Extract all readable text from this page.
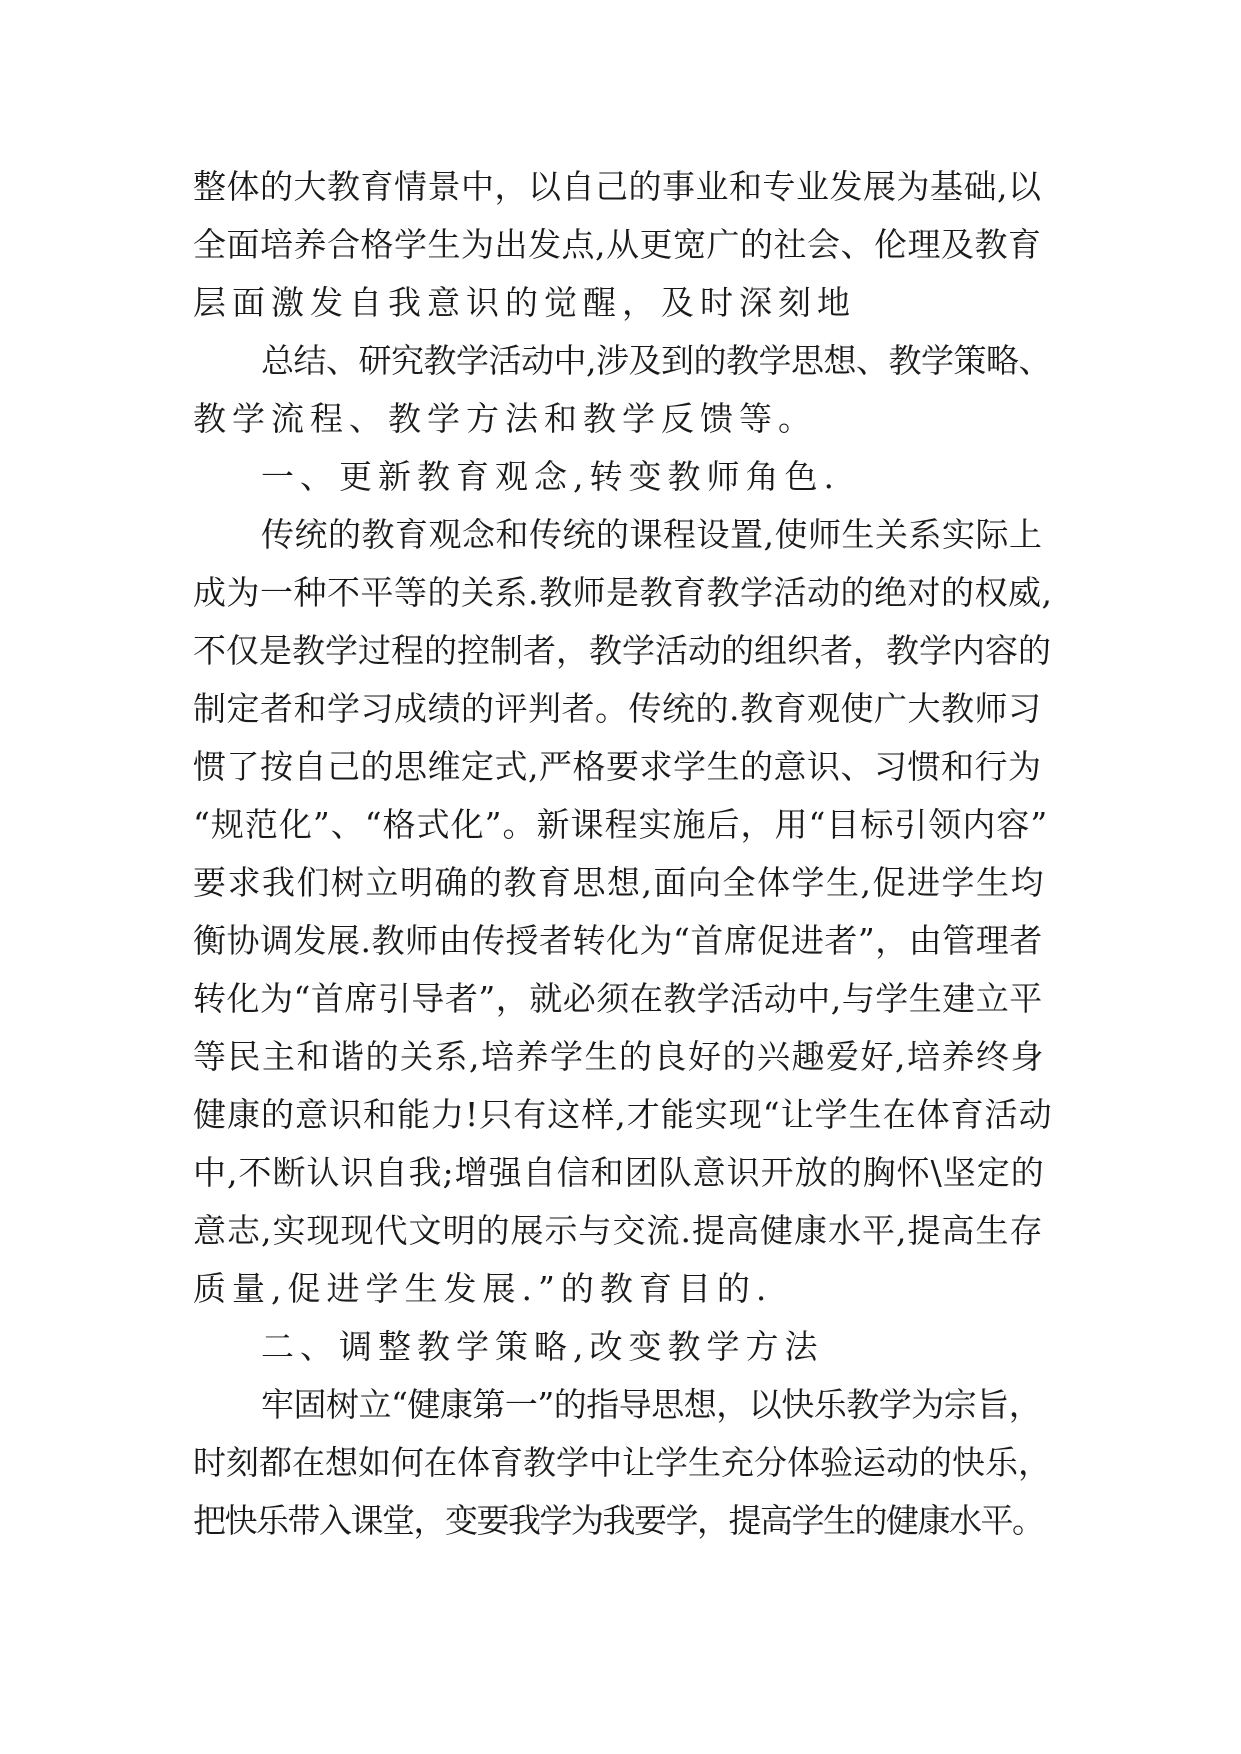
整体的大教育情景中，以自己的事业和专业发展为基础,以
全面培养合格学生为出发点,从更宽广的社会、伦理及教育
层面激发自我意识的觉醒，及时深刻地
总结、研究教学活动中,涉及到的教学思想、教学策略、
教学流程、教学方法和教学反馈等。
一、更新教育观念,转变教师角色.
传统的教育观念和传统的课程设置,使师生关系实际上
成为一种不平等的关系.教师是教育教学活动的绝对的权威,
不仅是教学过程的控制者，教学活动的组织者，教学内容的
制定者和学习成绩的评判者。传统的.教育观使广大教师习
惯了按自己的思维定式,严格要求学生的意识、习惯和行为
“规范化”、“格式化”。新课程实施后，用“目标引领内容”
要求我们树立明确的教育思想,面向全体学生,促进学生均
衡协调发展.教师由传授者转化为“首席促进者”，由管理者
转化为“首席引导者”，就必须在教学活动中,与学生建立平
等民主和谐的关系,培养学生的良好的兴趣爱好,培养终身
健康的意识和能力!只有这样,才能实现“让学生在体育活动
中,不断认识自我;增强自信和团队意识开放的胸怀\坚定的
意志,实现现代文明的展示与交流.提高健康水平,提高生存
质量,促进学生发展.”的教育目的.
二、调整教学策略,改变教学方法
牢固树立“健康第一”的指导思想，以快乐教学为宗旨，
时刻都在想如何在体育教学中让学生充分体验运动的快乐，
把快乐带入课堂，变要我学为我要学，提高学生的健康水平。
